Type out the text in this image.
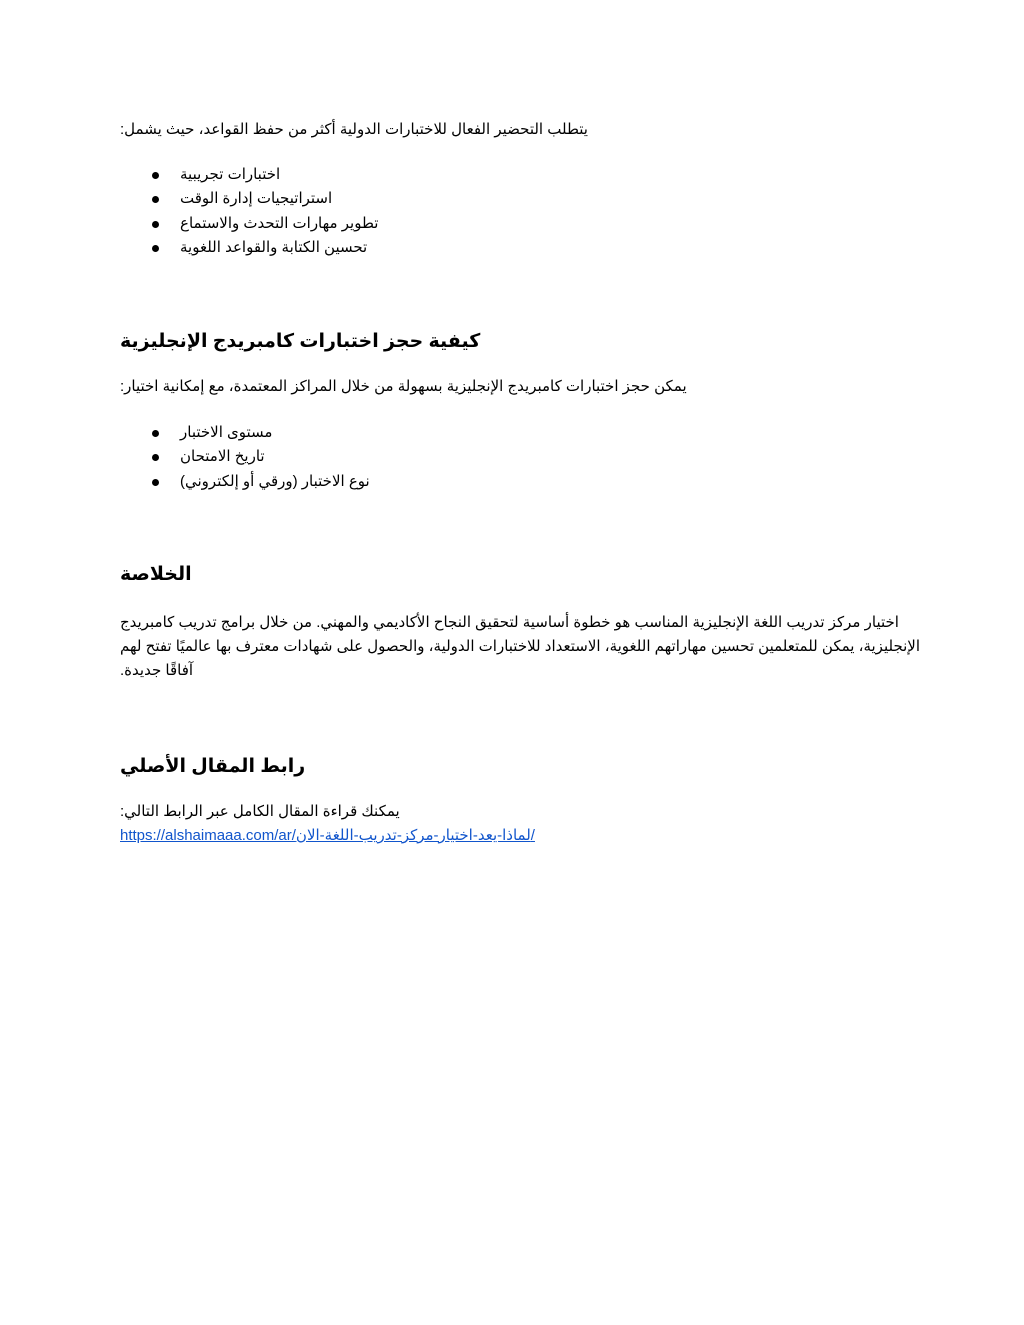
يتطلب التحضير الفعال للاختبارات الدولية أكثر من حفظ القواعد، حيث يشمل:
اختبارات تجريبية
استراتيجيات إدارة الوقت
تطوير مهارات التحدث والاستماع
تحسين الكتابة والقواعد اللغوية
كيفية حجز اختبارات كامبريدج الإنجليزية
يمكن حجز اختبارات كامبريدج الإنجليزية بسهولة من خلال المراكز المعتمدة، مع إمكانية اختيار:
مستوى الاختبار
تاريخ الامتحان
نوع الاختبار (ورقي أو إلكتروني)
الخلاصة
اختيار مركز تدريب اللغة الإنجليزية المناسب هو خطوة أساسية لتحقيق النجاح الأكاديمي والمهني. من خلال برامج تدريب كامبريدج
الإنجليزية، يمكن للمتعلمين تحسين مهاراتهم اللغوية، الاستعداد للاختبارات الدولية، والحصول على شهادات معترف بها عالميًا تفتح لهم
آفاقًا جديدة.
رابط المقال الأصلي
يمكنك قراءة المقال الكامل عبر الرابط التالي:
https://alshaimaaa.com/ar/لماذا-يعد-اختيار-مركز-تدريب-اللغة-الان/
